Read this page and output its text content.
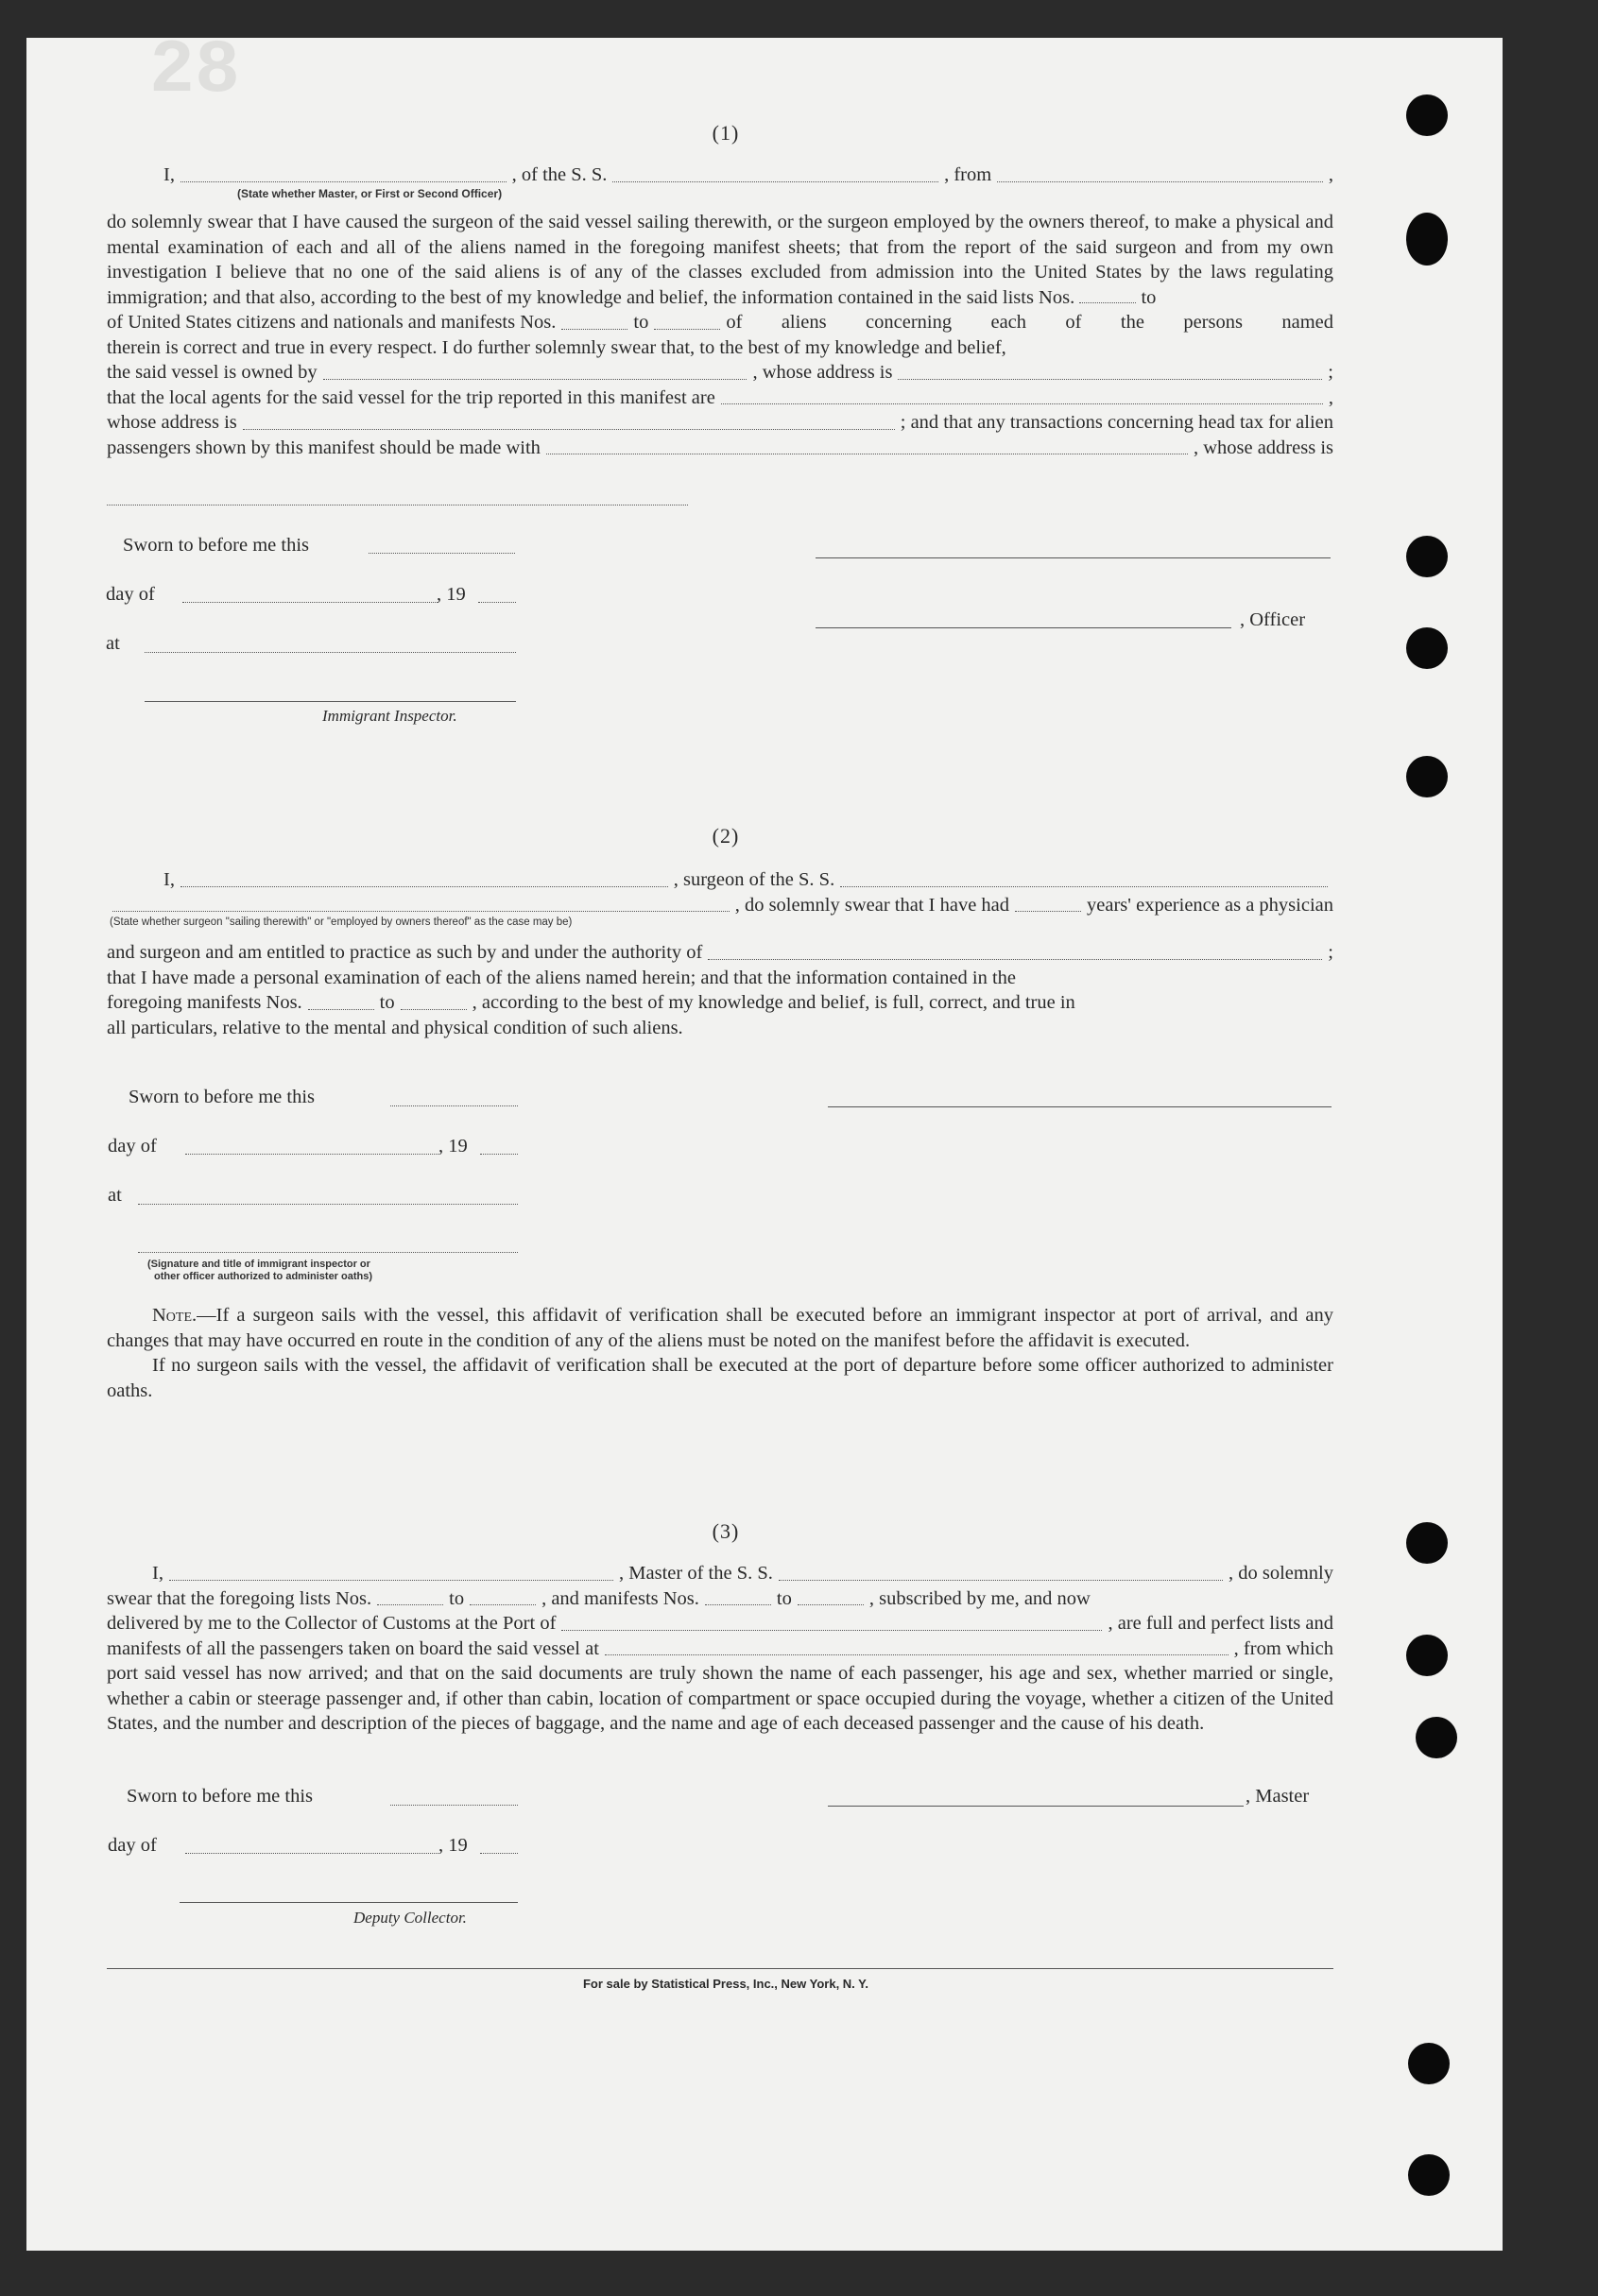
28
(1)
I,	, of the S. S.	, from	,
(State whether Master, or First or Second Officer)

do solemnly swear that I have caused the surgeon of the said vessel sailing therewith, or the surgeon employed by the owners thereof, to make a physical and mental examination of each and all of the aliens named in the foregoing manifest sheets; that from the report of the said surgeon and from my own investigation I believe that no one of the said aliens is of any of the classes excluded from admission into the United States by the laws regulating immigration; and that also, according to the best of my knowledge and belief, the information contained in the said lists Nos.	to

of United States citizens and nationals and manifests Nos.	to	of aliens concerning each of the persons named
therein is correct and true in every respect. I do further solemnly swear that, to the best of my knowledge and belief,
the said vessel is owned by	, whose address is	;
that the local agents for the said vessel for the trip reported in this manifest are	,
whose address is	; and that any transactions concerning head tax for alien
passengers shown by this manifest should be made with	, whose address is
Sworn to before me this
day of	, 19
, Officer
at
Immigrant Inspector.
(2)
I,	, surgeon of the S. S.
, do solemnly swear that I have had	years' experience as a physician
(State whether surgeon "sailing therewith" or "employed by owners thereof" as the case may be)
and surgeon and am entitled to practice as such by and under the authority of	;
that I have made a personal examination of each of the aliens named herein; and that the information contained in the
foregoing manifests Nos.	to	, according to the best of my knowledge and belief, is full, correct, and true in
all particulars, relative to the mental and physical condition of such aliens.
Sworn to before me this
day of	, 19
at
(Signature and title of immigrant inspector or
other officer authorized to administer oaths)

Note.—If a surgeon sails with the vessel, this affidavit of verification shall be executed before an immigrant inspector at port of arrival, and any changes that may have occurred en route in the condition of any of the aliens must be noted on the manifest before the affidavit is executed.

If no surgeon sails with the vessel, the affidavit of verification shall be executed at the port of departure before some officer authorized to administer oaths.

(3)
I,	, Master of the S. S.	, do solemnly
swear that the foregoing lists Nos.	to	, and manifests Nos.	to	, subscribed by me, and now
delivered by me to the Collector of Customs at the Port of	, are full and perfect lists and
manifests of all the passengers taken on board the said vessel at	, from which

port said vessel has now arrived; and that on the said documents are truly shown the name of each passenger, his age and sex, whether married or single, whether a cabin or steerage passenger and, if other than cabin, location of compartment or space occupied during the voyage, whether a citizen of the United States, and the number and description of the pieces of baggage, and the name and age of each deceased passenger and the cause of his death.

Sworn to before me this	, Master
day of	, 19
Deputy Collector.
For sale by Statistical Press, Inc., New York, N. Y.
